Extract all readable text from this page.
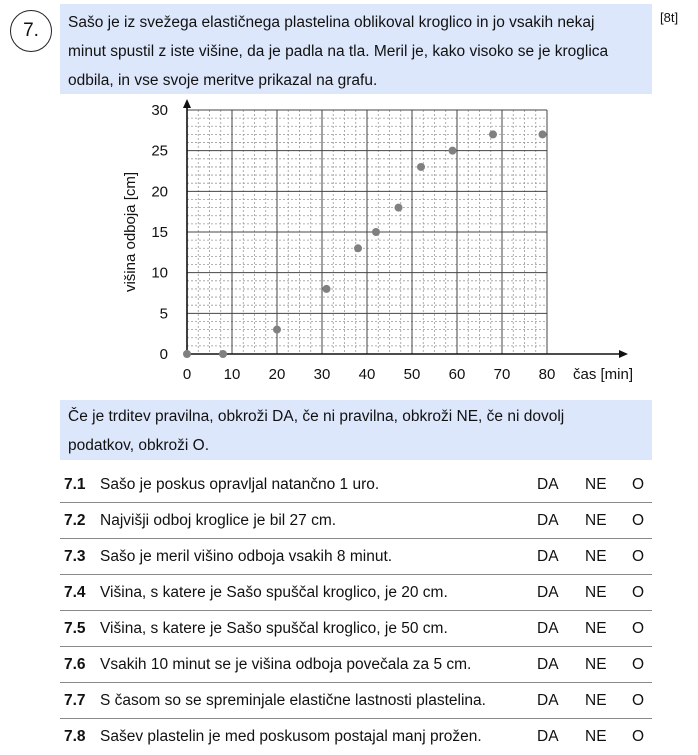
7.
[8t]
Sašo je iz svežega elastičnega plastelina oblikoval kroglico in jo vsakih nekaj
minut spustil z iste višine, da je padla na tla. Meril je, kako visoko se je kroglica
odbila, in vse svoje meritve prikazal na grafu.
0 10 20 30 40 50 60 70 80
0
5
10
15
20
25
30
čas [min]
višina odboja [cm]
Če je trditev pravilna, obkroži DA, če ni pravilna, obkroži NE, če ni dovolj
podatkov, obkroži O.
7.1 Sašo je poskus opravljal natančno 1 uro.	DA NE O
7.2 Najvišji odboj kroglice je bil 27 cm.	DA NE O
7.3 Sašo je meril višino odboja vsakih 8 minut.	DA NE O
7.4 Višina, s katere je Sašo spuščal kroglico, je 20 cm.	DA NE O
7.5 Višina, s katere je Sašo spuščal kroglico, je 50 cm.	DA NE O
7.6 Vsakih 10 minut se je višina odboja povečala za 5 cm.	DA NE O
7.7 S časom so se spreminjale elastične lastnosti plastelina.	DA NE O
7.8 Sašev plastelin je med poskusom postajal manj prožen.	DA NE O
